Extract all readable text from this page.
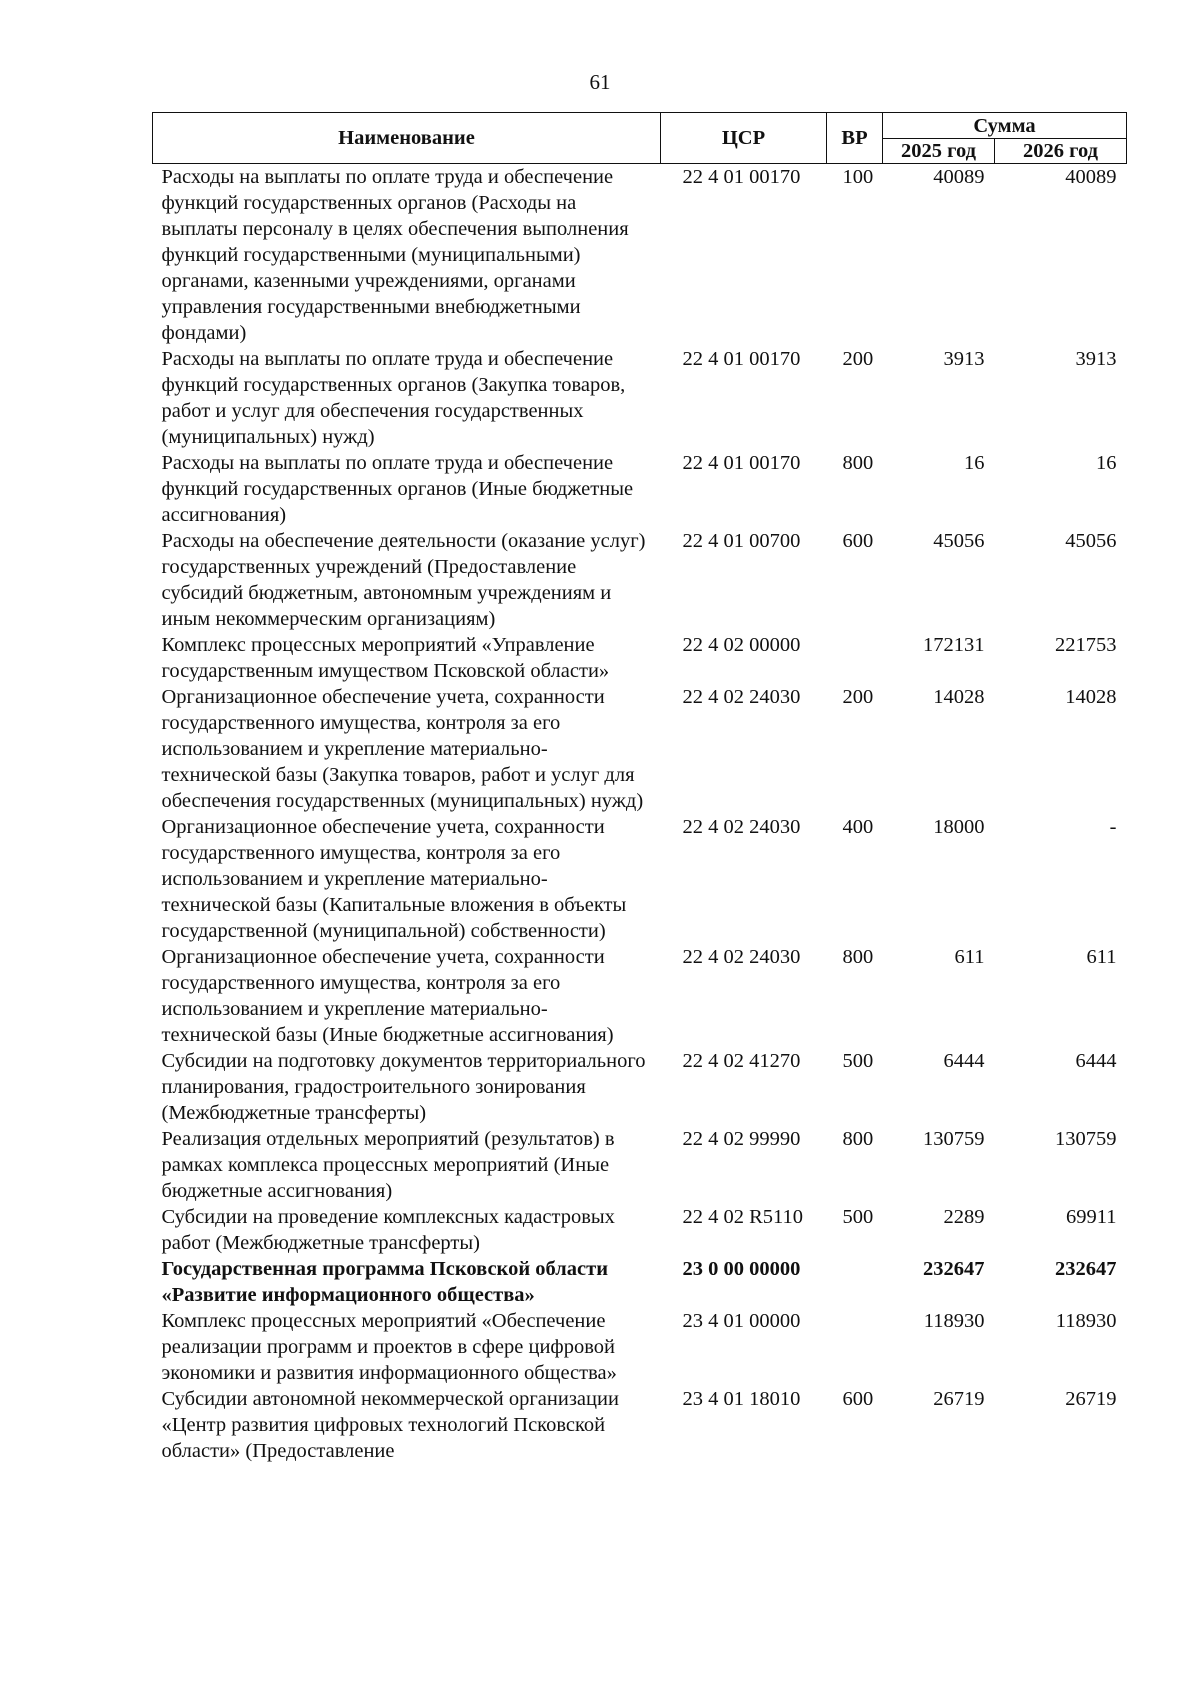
61
Наименование	ЦСР	ВР	Сумма	
			2025 год	2026 год
Расходы на выплаты по оплате труда и обеспечение функций государственных органов (Расходы на выплаты персоналу в целях обеспечения выполнения функций государственными (муниципальными) органами, казенными учреждениями, органами управления государственными внебюджетными фондами)	22 4 01 00170	100	40089	40089
Расходы на выплаты по оплате труда и обеспечение функций государственных органов (Закупка товаров, работ и услуг для обеспечения государственных (муниципальных) нужд)	22 4 01 00170	200	3913	3913
Расходы на выплаты по оплате труда и обеспечение функций государственных органов (Иные бюджетные ассигнования)	22 4 01 00170	800	16	16
Расходы на обеспечение деятельности (оказание услуг) государственных учреждений (Предоставление субсидий бюджетным, автономным учреждениям и иным некоммерческим организациям)	22 4 01 00700	600	45056	45056
Комплекс процессных мероприятий «Управление государственным имуществом Псковской области»	22 4 02 00000		172131	221753
Организационное обеспечение учета, сохранности государственного имущества, контроля за его использованием и укрепление материально-технической базы (Закупка товаров, работ и услуг для обеспечения государственных (муниципальных) нужд)	22 4 02 24030	200	14028	14028
Организационное обеспечение учета, сохранности государственного имущества, контроля за его использованием и укрепление материально-технической базы (Капитальные вложения в объекты государственной (муниципальной) собственности)	22 4 02 24030	400	18000	-
Организационное обеспечение учета, сохранности государственного имущества, контроля за его использованием и укрепление материально-технической базы (Иные бюджетные ассигнования)	22 4 02 24030	800	611	611
Субсидии на подготовку документов территориального планирования, градостроительного зонирования (Межбюджетные трансферты)	22 4 02 41270	500	6444	6444
Реализация отдельных мероприятий (результатов) в рамках комплекса процессных мероприятий (Иные бюджетные ассигнования)	22 4 02 99990	800	130759	130759
Субсидии на проведение комплексных кадастровых работ (Межбюджетные трансферты)	22 4 02 R5110	500	2289	69911
Государственная программа Псковской области «Развитие информационного общества»	23 0 00 00000		232647	232647
Комплекс процессных мероприятий «Обеспечение реализации программ и проектов в сфере цифровой экономики и развития информационного общества»	23 4 01 00000		118930	118930
Субсидии автономной некоммерческой организации «Центр развития цифровых технологий Псковской области» (Предоставление	23 4 01 18010	600	26719	26719
